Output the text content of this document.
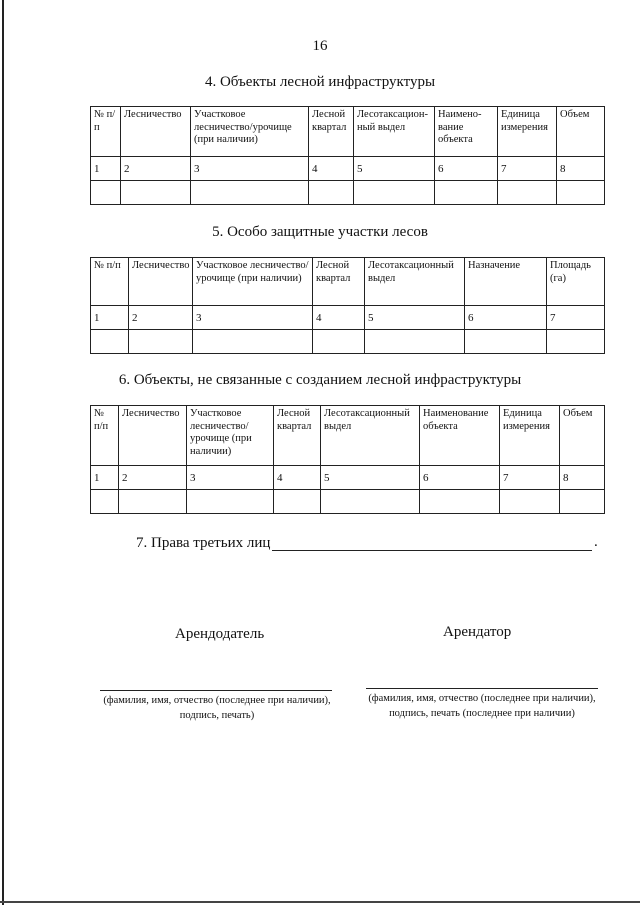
16
4. Объекты лесной инфраструктуры
№ п/п	Лесничество	Участковое лесничество/урочище (при наличии)	Лесной квартал	Лесотаксацион-ный выдел	Наимено-вание объекта	Единица измерения	Объем
1	2	3	4	5	6	7	8

5. Особо защитные участки лесов
№ п/п	Лесничество	Участковое лесничество/урочище (при наличии)	Лесной квартал	Лесотаксационный выдел	Назначение	Площадь (га)
1	2	3	4	5	6	7

6. Объекты, не связанные с созданием лесной инфраструктуры
№ п/п	Лесничество	Участковое лесничество/урочище (при наличии)	Лесной квартал	Лесотаксационный выдел	Наименование объекта	Единица измерения	Объем
1	2	3	4	5	6	7	8

7. Права третьих лиц	.
Арендодатель	Арендатор
(фамилия, имя, отчество (последнее при наличии),
подпись, печать)
(фамилия, имя, отчество (последнее при наличии),
подпись, печать (последнее при наличии)
